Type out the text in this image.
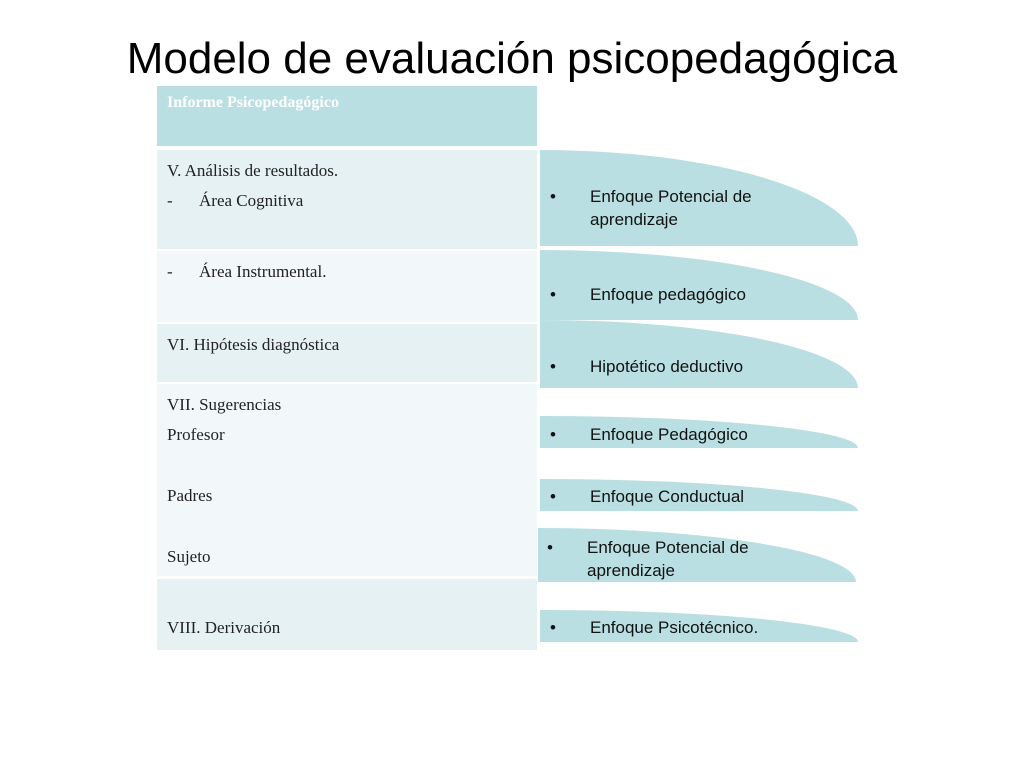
Modelo de evaluación psicopedagógica
Informe Psicopedagógico
V. Análisis de resultados.
- Área Cognitiva
- Área Instrumental.
VI. Hipótesis diagnóstica
VII. Sugerencias
Profesor
Padres
Sujeto
VIII. Derivación
• Enfoque Potencial de aprendizaje
• Enfoque pedagógico
• Hipotético deductivo
• Enfoque Pedagógico
• Enfoque Conductual
• Enfoque Potencial de aprendizaje
• Enfoque Psicotécnico.
